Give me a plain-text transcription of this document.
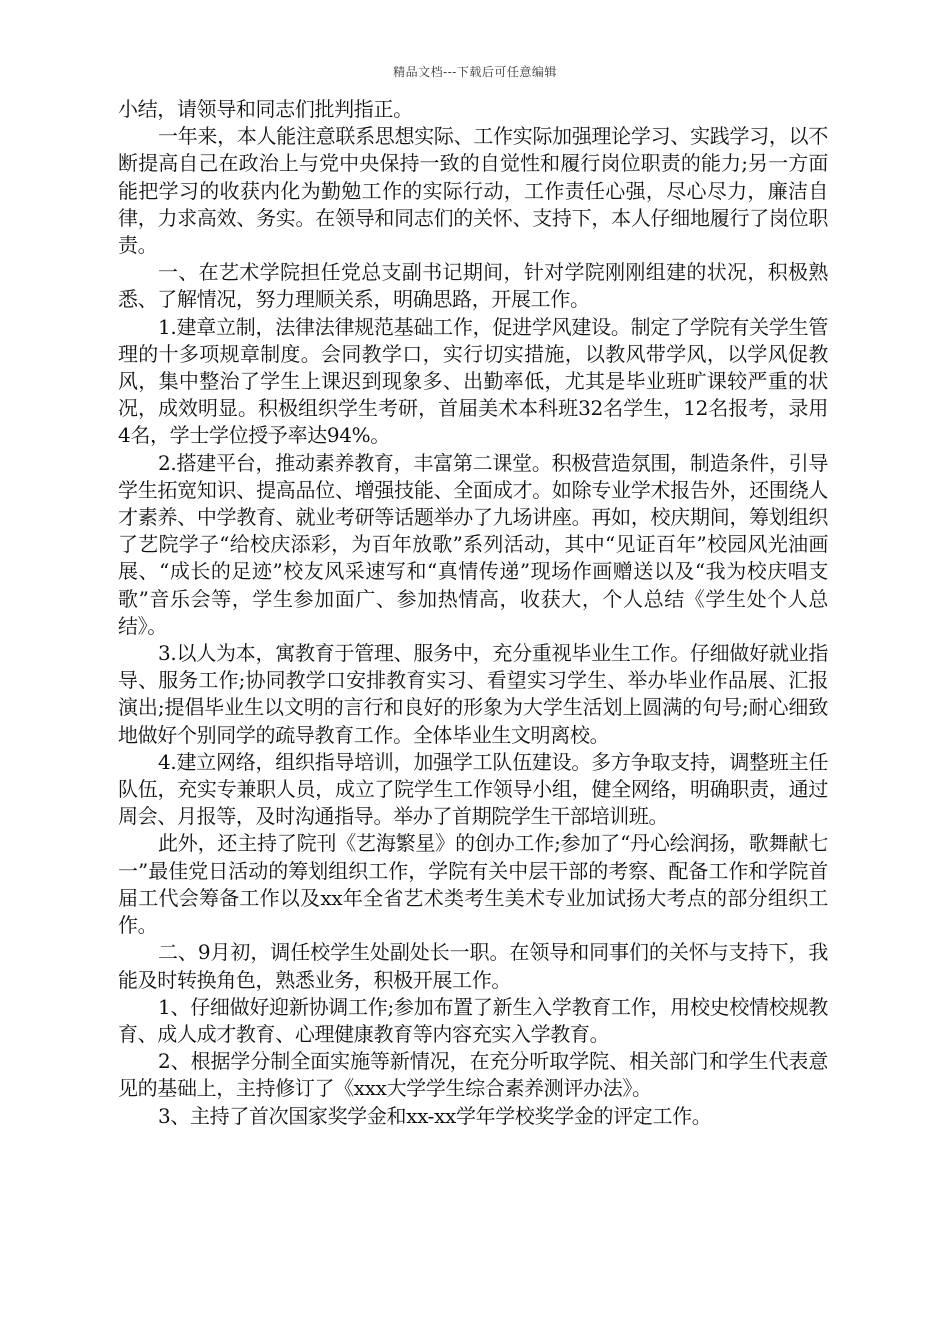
精品文档---下载后可任意编辑

小结，请领导和同志们批判指正。

一年来，本人能注意联系思想实际、工作实际加强理论学习、实践学习，以不断提高自己在政治上与党中央保持一致的自觉性和履行岗位职责的能力;另一方面能把学习的收获内化为勤勉工作的实际行动，工作责任心强，尽心尽力，廉洁自律，力求高效、务实。在领导和同志们的关怀、支持下，本人仔细地履行了岗位职责。

一、在艺术学院担任党总支副书记期间，针对学院刚刚组建的状况，积极熟悉、了解情况，努力理顺关系，明确思路，开展工作。

1.建章立制，法律法律规范基础工作，促进学风建设。制定了学院有关学生管理的十多项规章制度。会同教学口，实行切实措施，以教风带学风，以学风促教风，集中整治了学生上课迟到现象多、出勤率低，尤其是毕业班旷课较严重的状况，成效明显。积极组织学生考研，首届美术本科班32名学生，12名报考，录用4名，学士学位授予率达94%。

2.搭建平台，推动素养教育，丰富第二课堂。积极营造氛围，制造条件，引导学生拓宽知识、提高品位、增强技能、全面成才。如除专业学术报告外，还围绕人才素养、中学教育、就业考研等话题举办了九场讲座。再如，校庆期间，筹划组织了艺院学子“给校庆添彩，为百年放歌”系列活动，其中“见证百年”校园风光油画展、“成长的足迹”校友风采速写和“真情传递”现场作画赠送以及“我为校庆唱支歌”音乐会等，学生参加面广、参加热情高，收获大，个人总结《学生处个人总结》。

3.以人为本，寓教育于管理、服务中，充分重视毕业生工作。仔细做好就业指导、服务工作;协同教学口安排教育实习、看望实习学生、举办毕业作品展、汇报演出;提倡毕业生以文明的言行和良好的形象为大学生活划上圆满的句号;耐心细致地做好个别同学的疏导教育工作。全体毕业生文明离校。

4.建立网络，组织指导培训，加强学工队伍建设。多方争取支持，调整班主任队伍，充实专兼职人员，成立了院学生工作领导小组，健全网络，明确职责，通过周会、月报等，及时沟通指导。举办了首期院学生干部培训班。

此外，还主持了院刊《艺海繁星》的创办工作;参加了“丹心绘润扬，歌舞献七一”最佳党日活动的筹划组织工作，学院有关中层干部的考察、配备工作和学院首届工代会筹备工作以及xx年全省艺术类考生美术专业加试扬大考点的部分组织工作。

二、9月初，调任校学生处副处长一职。在领导和同事们的关怀与支持下，我能及时转换角色，熟悉业务，积极开展工作。

1、仔细做好迎新协调工作;参加布置了新生入学教育工作，用校史校情校规教育、成人成才教育、心理健康教育等内容充实入学教育。

2、根据学分制全面实施等新情况，在充分听取学院、相关部门和学生代表意见的基础上，主持修订了《xxx大学学生综合素养测评办法》。

3、主持了首次国家奖学金和xx-xx学年学校奖学金的评定工作。
